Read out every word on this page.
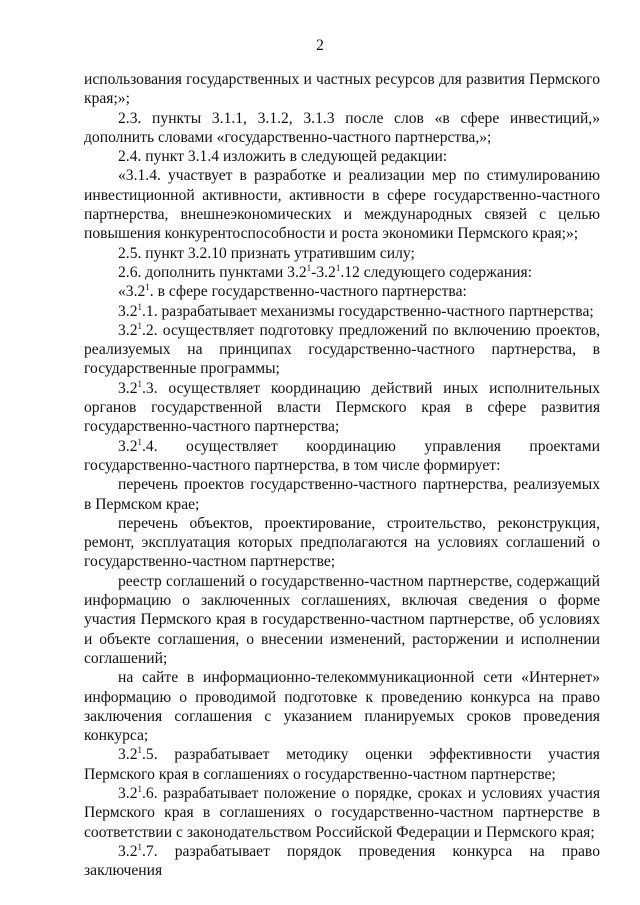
2

использования государственных и частных ресурсов для развития Пермского края;»;

2.3. пункты 3.1.1, 3.1.2, 3.1.3 после слов «в сфере инвестиций,» дополнить словами «государственно-частного партнерства,»;

2.4. пункт 3.1.4 изложить в следующей редакции:

«3.1.4. участвует в разработке и реализации мер по стимулированию инвестиционной активности, активности в сфере государственно-частного партнерства, внешнеэкономических и международных связей с целью повышения конкурентоспособности и роста экономики Пермского края;»;

2.5. пункт 3.2.10 признать утратившим силу;

2.6. дополнить пунктами $3.2^1-3.2^1.12$ следующего содержания:

«$3.2^1$. в сфере государственно-частного партнерства:

$3.2^1.1$. разрабатывает механизмы государственно-частного партнерства;

$3.2^1.2$. осуществляет подготовку предложений по включению проектов, реализуемых на принципах государственно-частного партнерства, в государственные программы;

$3.2^1.3$. осуществляет координацию действий иных исполнительных органов государственной власти Пермского края в сфере развития государственно-частного партнерства;

$3.2^1.4$. осуществляет координацию управления проектами государственно-частного партнерства, в том числе формирует:

перечень проектов государственно-частного партнерства, реализуемых в Пермском крае;

перечень объектов, проектирование, строительство, реконструкция, ремонт, эксплуатация которых предполагаются на условиях соглашений о государственно-частном партнерстве;

реестр соглашений о государственно-частном партнерстве, содержащий информацию о заключенных соглашениях, включая сведения о форме участия Пермского края в государственно-частном партнерстве, об условиях и объекте соглашения, о внесении изменений, расторжении и исполнении соглашений;

на сайте в информационно-телекоммуникационной сети «Интернет» информацию о проводимой подготовке к проведению конкурса на право заключения соглашения с указанием планируемых сроков проведения конкурса;

$3.2^1.5$. разрабатывает методику оценки эффективности участия Пермского края в соглашениях о государственно-частном партнерстве;

$3.2^1.6$. разрабатывает положение о порядке, сроках и условиях участия Пермского края в соглашениях о государственно-частном партнерстве в соответствии с законодательством Российской Федерации и Пермского края;

$3.2^1.7$. разрабатывает порядок проведения конкурса на право заключения
